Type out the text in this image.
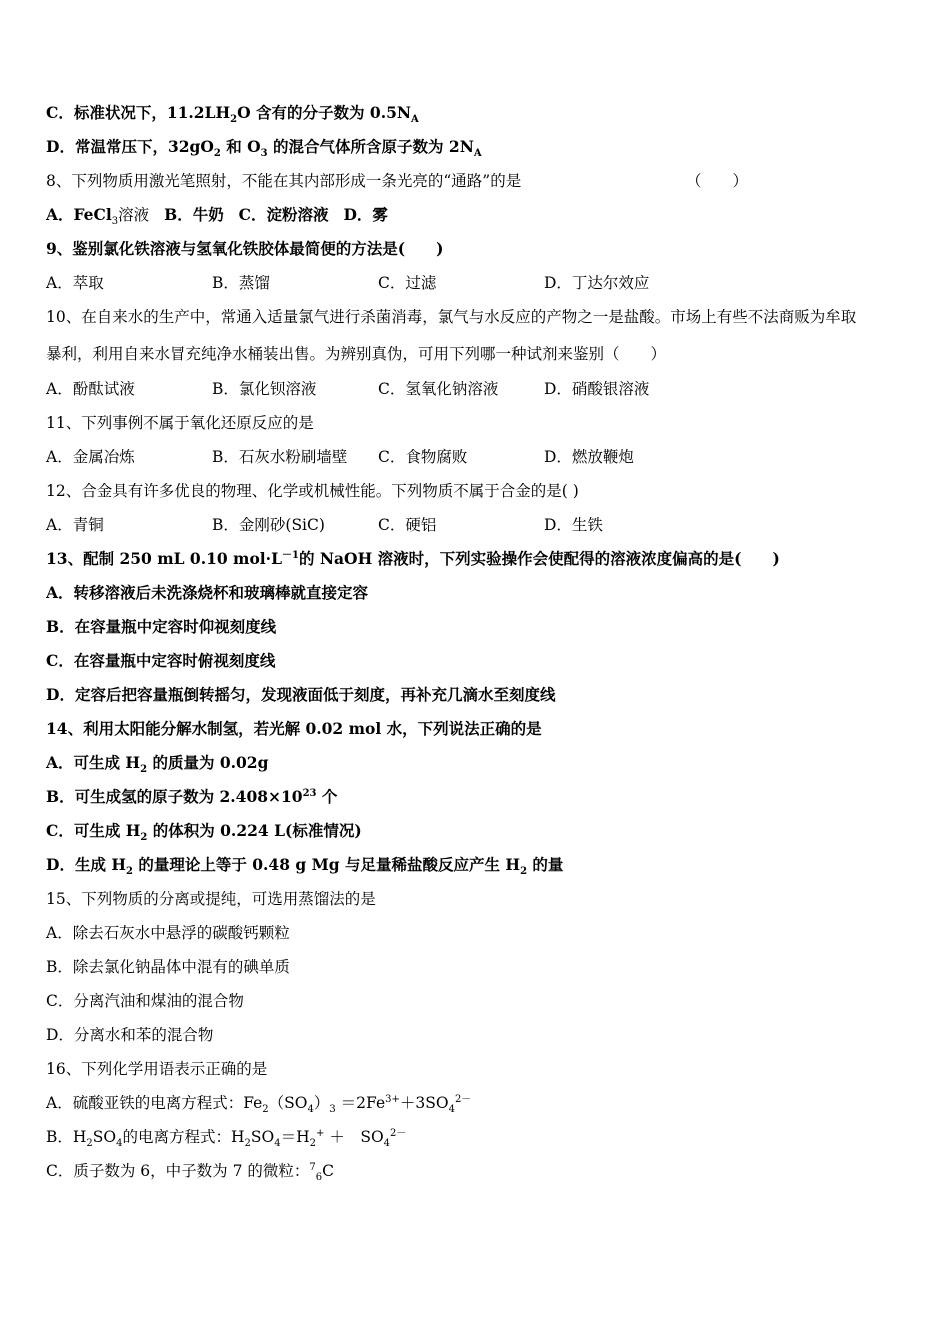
C．标准状况下，$11.2LH_2O$ 含有的分子数为 $0.5N_A$
D．常温常压下，$32gO_2$ 和 $O_3$ 的混合气体所含原子数为 $2N_A$
8、下列物质用激光笔照射，不能在其内部形成一条光亮的“通路”的是	（　　）
A．FeCl$_3$溶液 B．牛奶 C．淀粉溶液 D．雾
9、鉴别氯化铁溶液与氢氧化铁胶体最简便的方法是(　　)
A．萃取	B．蒸馏	C．过滤	D．丁达尔效应
10、在自来水的生产中，常通入适量氯气进行杀菌消毒，氯气与水反应的产物之一是盐酸。市场上有些不法商贩为牟取
暴利，利用自来水冒充纯净水桶装出售。为辨别真伪，可用下列哪一种试剂来鉴别（　　）
A．酚酞试液	B．氯化钡溶液	C．氢氧化钠溶液	D．硝酸银溶液
11、下列事例不属于氧化还原反应的是
A．金属冶炼	B．石灰水粉刷墙壁 C．食物腐败	D．燃放鞭炮
12、合金具有许多优良的物理、化学或机械性能。下列物质不属于合金的是( )
A．青铜	B．金刚砂(SiC)	C．硬铝	D．生铁
13、配制 250 mL 0.10 $mol\cdot L^{-1}$的 NaOH 溶液时，下列实验操作会使配得的溶液浓度偏高的是(　　)
A．转移溶液后未洗涤烧杯和玻璃棒就直接定容
B．在容量瓶中定容时仰视刻度线
C．在容量瓶中定容时俯视刻度线
D．定容后把容量瓶倒转摇匀，发现液面低于刻度，再补充几滴水至刻度线
14、利用太阳能分解水制氢，若光解 0.02 mol 水，下列说法正确的是
A．可生成 $H_2$ 的质量为 0.02g
B．可生成氢的原子数为 $2.408\times 10^{23}$ 个
C．可生成 $H_2$ 的体积为 0.224 L(标准情况)
D．生成 $H_2$ 的量理论上等于 0.48 g Mg 与足量稀盐酸反应产生 $H_2$ 的量
15、下列物质的分离或提纯，可选用蒸馏法的是
A．除去石灰水中悬浮的碳酸钙颗粒
B．除去氯化钠晶体中混有的碘单质
C．分离汽油和煤油的混合物
D．分离水和苯的混合物
16、下列化学用语表示正确的是
A．硫酸亚铁的电离方程式：$Fe_2(SO_4)_3 =2Fe^{3+}+3SO_4^{2-}$
B．$H_2SO_4$的电离方程式：$H_2SO_4=H_2^+$ ＋　$SO_4^{2-}$
C．质子数为 6，中子数为 7 的微粒：$^7_6$C
